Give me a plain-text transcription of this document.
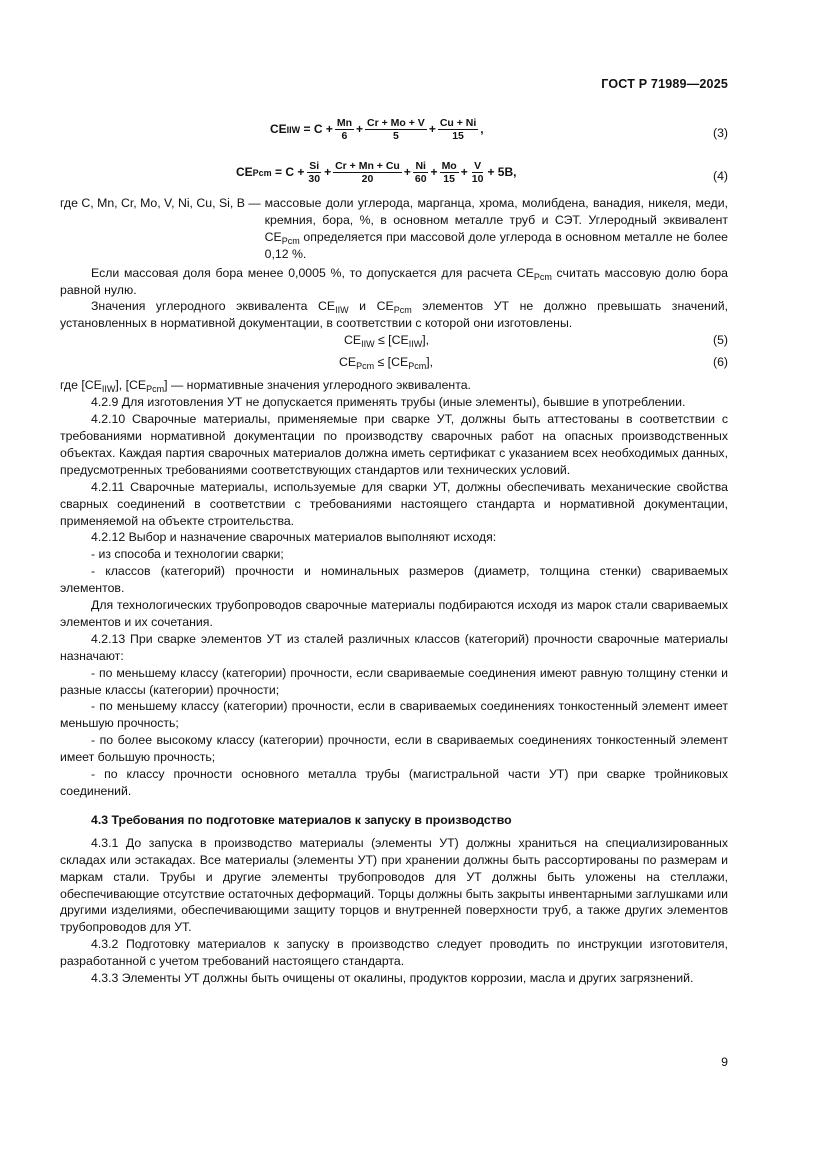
ГОСТ Р 71989—2025
CE IIW = $C + \frac{Mn}{6} + \frac{Cr + Mo + V}{5} + \frac{Cu + Ni}{15}$ ,	(3)
CE Pcm = $C + \frac{Si}{30} + \frac{Cr + Mn + Cu}{20} + \frac{Ni}{60} + \frac{Mo}{15} + \frac{V}{10} + 5B$,	(4)
где C, Mn, Cr, Mo, V, Ni, Cu, Si, B — массовые доли углерода, марганца, хрома, молибдена, ванадия, никеля, меди, кремния, бора, %, в основном металле труб и СЭТ. Углеродный эквивалент $CE_{Pcm}$ определяется при массовой доле углерода в основном металле не более 0,12 %.

Если массовая доля бора менее 0,0005 %, то допускается для расчета $CE_{Pcm}$ считать массовую долю бора равной нулю.

Значения углеродного эквивалента $CE_{IIW}$ и $CE_{Pcm}$ элементов УТ не должно превышать значений, установленных в нормативной документации, в соответствии с которой они изготовлены.

$CE_{IIW} \le [CE_{IIW}]$,	(5)
$CE_{Pcm} \le [CE_{Pcm}]$,	(6)

где $[CE_{IIW}]$, $[CE_{Pcm}]$ — нормативные значения углеродного эквивалента.

4.2.9 Для изготовления УТ не допускается применять трубы (иные элементы), бывшие в употреблении.

4.2.10 Сварочные материалы, применяемые при сварке УТ, должны быть аттестованы в соответствии с требованиями нормативной документации по производству сварочных работ на опасных производственных объектах. Каждая партия сварочных материалов должна иметь сертификат с указанием всех необходимых данных, предусмотренных требованиями соответствующих стандартов или технических условий.

4.2.11 Сварочные материалы, используемые для сварки УТ, должны обеспечивать механические свойства сварных соединений в соответствии с требованиями настоящего стандарта и нормативной документации, применяемой на объекте строительства.

4.2.12 Выбор и назначение сварочных материалов выполняют исходя:

- из способа и технологии сварки;

- классов (категорий) прочности и номинальных размеров (диаметр, толщина стенки) свариваемых элементов.

Для технологических трубопроводов сварочные материалы подбираются исходя из марок стали свариваемых элементов и их сочетания.

4.2.13 При сварке элементов УТ из сталей различных классов (категорий) прочности сварочные материалы назначают:

- по меньшему классу (категории) прочности, если свариваемые соединения имеют равную толщину стенки и разные классы (категории) прочности;

- по меньшему классу (категории) прочности, если в свариваемых соединениях тонкостенный элемент имеет меньшую прочность;

- по более высокому классу (категории) прочности, если в свариваемых соединениях тонкостенный элемент имеет большую прочность;

- по классу прочности основного металла трубы (магистральной части УТ) при сварке тройниковых соединений.

4.3 Требования по подготовке материалов к запуску в производство

4.3.1 До запуска в производство материалы (элементы УТ) должны храниться на специализированных складах или эстакадах. Все материалы (элементы УТ) при хранении должны быть рассортированы по размерам и маркам стали. Трубы и другие элементы трубопроводов для УТ должны быть уложены на стеллажи, обеспечивающие отсутствие остаточных деформаций. Торцы должны быть закрыты инвентарными заглушками или другими изделиями, обеспечивающими защиту торцов и внутренней поверхности труб, а также других элементов трубопроводов для УТ.

4.3.2 Подготовку материалов к запуску в производство следует проводить по инструкции изготовителя, разработанной с учетом требований настоящего стандарта.

4.3.3 Элементы УТ должны быть очищены от окалины, продуктов коррозии, масла и других загрязнений.

9
